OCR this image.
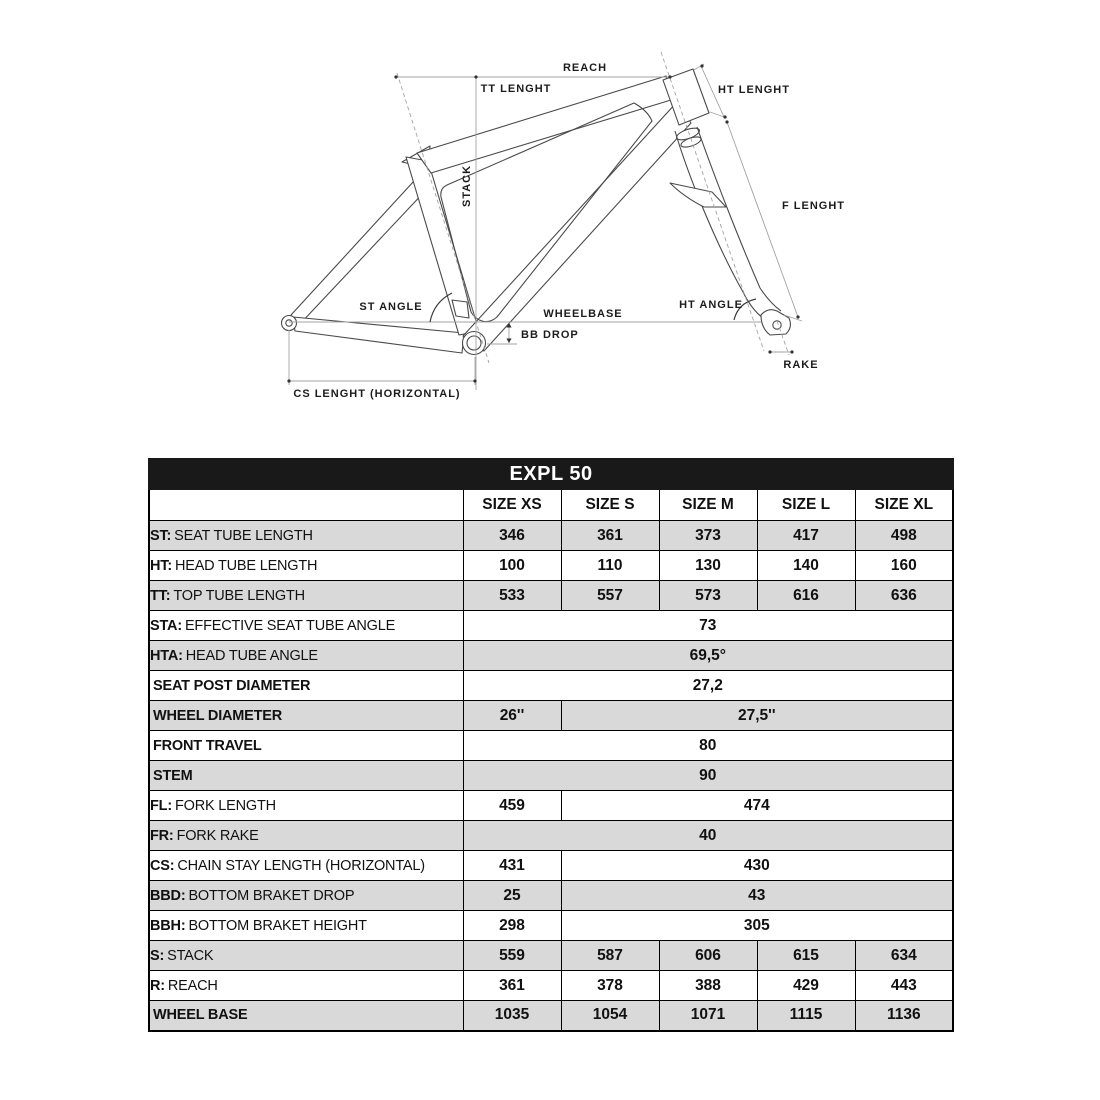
REACH
TT LENGHT	HT LENGHT
STACK	F LENGHT
ST ANGLE
WHEELBASE
HT ANGLE
BB DROP
RAKE
CS LENGHT (HORIZONTAL)
EXPL 50					
	SIZE XS	SIZE S	SIZE M	SIZE L	SIZE XL
ST: SEAT TUBE LENGTH	346	361	373	417	498
HT: HEAD TUBE LENGTH	100	110	130	140	160
TT: TOP TUBE LENGTH	533	557	573	616	636
STA: EFFECTIVE SEAT TUBE ANGLE	73				
HTA: HEAD TUBE ANGLE	69,5°				
SEAT POST DIAMETER	27,2				
WHEEL DIAMETER	26''	27,5''			
FRONT TRAVEL	80				
STEM	90				
FL: FORK LENGTH	459	474			
FR: FORK RAKE	40				
CS: CHAIN STAY LENGTH (HORIZONTAL)	431	430			
BBD: BOTTOM BRAKET DROP	25	43			
BBH: BOTTOM BRAKET HEIGHT	298	305			
S: STACK	559	587	606	615	634
R: REACH	361	378	388	429	443
WHEEL BASE	1035	1054	1071	1115	1136
